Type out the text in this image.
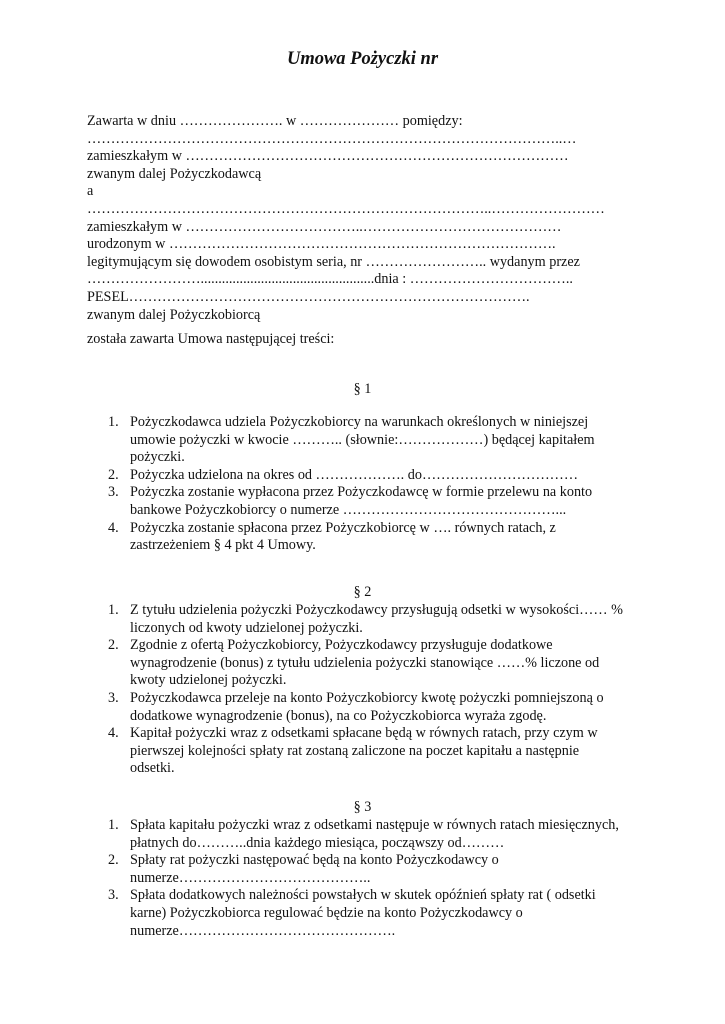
Umowa Pożyczki nr
Zawarta w dniu …………………. w ………………… pomiędzy:
………………………………………………………………………………………..…
zamieszkałym w ………………………………………………………………………
zwanym dalej Pożyczkodawcą
a
…………………………………………………………………………..……………………
zamieszkałym w ………………………………..……………………………………
urodzonym w ……………………………………………………………………….
legitymującym się dowodem osobistym seria, nr …………………….. wydanym przez
…………………….................................................dnia : ……………………………..
PESEL………………………………………………………………………….
zwanym dalej Pożyczkobiorcą
została zawarta Umowa następującej treści:
§ 1
1. Pożyczkodawca udziela Pożyczkobiorcy na warunkach określonych w niniejszej
umowie pożyczki w kwocie ……….. (słownie:………………) będącej kapitałem
pożyczki.
2. Pożyczka udzielona na okres od ………………. do……………………………
3. Pożyczka zostanie wypłacona przez Pożyczkodawcę w formie przelewu na konto
bankowe Pożyczkobiorcy o numerze ………………………………………...
4. Pożyczka zostanie spłacona przez Pożyczkobiorcę w …. równych ratach, z
zastrzeżeniem § 4 pkt 4 Umowy.
§ 2
1. Z tytułu udzielenia pożyczki Pożyczkodawcy przysługują odsetki w wysokości…… %
liczonych od kwoty udzielonej pożyczki.
2. Zgodnie z ofertą Pożyczkobiorcy, Pożyczkodawcy przysługuje dodatkowe
wynagrodzenie (bonus) z tytułu udzielenia pożyczki stanowiące ……% liczone od
kwoty udzielonej pożyczki.
3. Pożyczkodawca przeleje na konto Pożyczkobiorcy kwotę pożyczki pomniejszoną o
dodatkowe wynagrodzenie (bonus), na co Pożyczkobiorca wyraża zgodę.
4. Kapitał pożyczki wraz z odsetkami spłacane będą w równych ratach, przy czym w
pierwszej kolejności spłaty rat zostaną zaliczone na poczet kapitału a następnie
odsetki.
§ 3
1. Spłata kapitału pożyczki wraz z odsetkami następuje w równych ratach miesięcznych,
płatnych do………..dnia każdego miesiąca, począwszy od………
2. Spłaty rat pożyczki następować będą na konto Pożyczkodawcy o
numerze…………………………………..
3. Spłata dodatkowych należności powstałych w skutek opóźnień spłaty rat ( odsetki
karne) Pożyczkobiorca regulować będzie na konto Pożyczkodawcy o
numerze……………………………………….
